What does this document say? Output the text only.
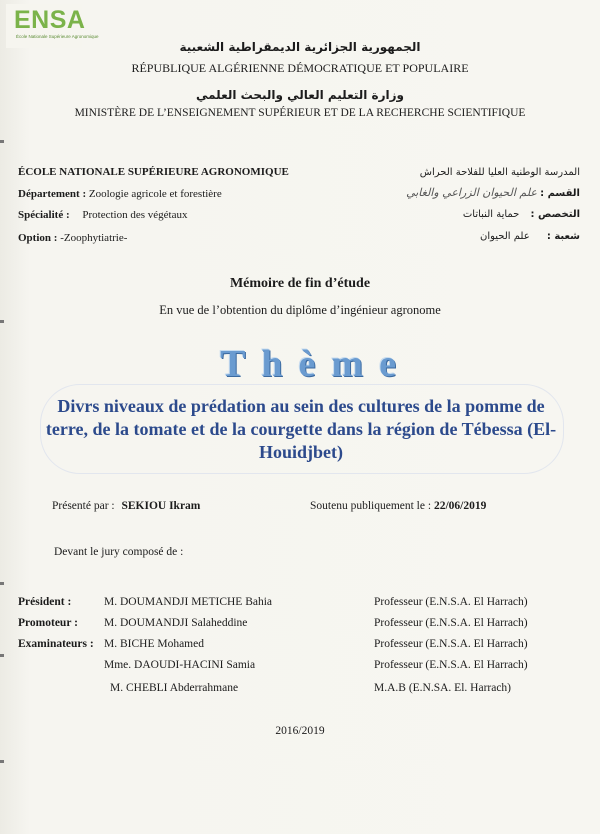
ENSA
École Nationale Supérieure Agronomique
الجمهورية الجزائرية الديمقراطية الشعبية
RÉPUBLIQUE ALGÉRIENNE DÉMOCRATIQUE ET POPULAIRE
وزارة التعليم العالي والبحث العلمي
MINISTÈRE DE L’ENSEIGNEMENT SUPÉRIEUR ET DE LA RECHERCHE SCIENTIFIQUE
ÉCOLE NATIONALE SUPÉRIEURE AGRONOMIQUE
Département : Zoologie agricole et forestière
Spécialité : Protection des végétaux
Option : -Zoophytiatrie-
المدرسة الوطنية العليا للفلاحة الحراش
القسم : علم الحيوان الزراعي والغابي
التخصص : حماية النباتات
شعبة : علم الحيوان
Mémoire de fin d’étude
En vue de l’obtention du diplôme d’ingénieur agronome
Thème
Divrs niveaux de prédation au sein des cultures de la pomme de terre, de la tomate et de la courgette dans la région de Tébessa (El-Houidjbet)
Présenté par : SEKIOU Ikram	Soutenu publiquement le : 22/06/2019
Devant le jury composé de :
Président :	M. DOUMANDJI METICHE Bahia	Professeur (E.N.S.A. El Harrach)
Promoteur : M. DOUMANDJI Salaheddine	Professeur (E.N.S.A. El Harrach)
Examinateurs : M. BICHE Mohamed	Professeur (E.N.S.A. El Harrach)
Mme. DAOUDI-HACINI Samia	Professeur (E.N.S.A. El Harrach)
M. CHEBLI Abderrahmane	M.A.B (E.N.SA. El. Harrach)
2016/2019
